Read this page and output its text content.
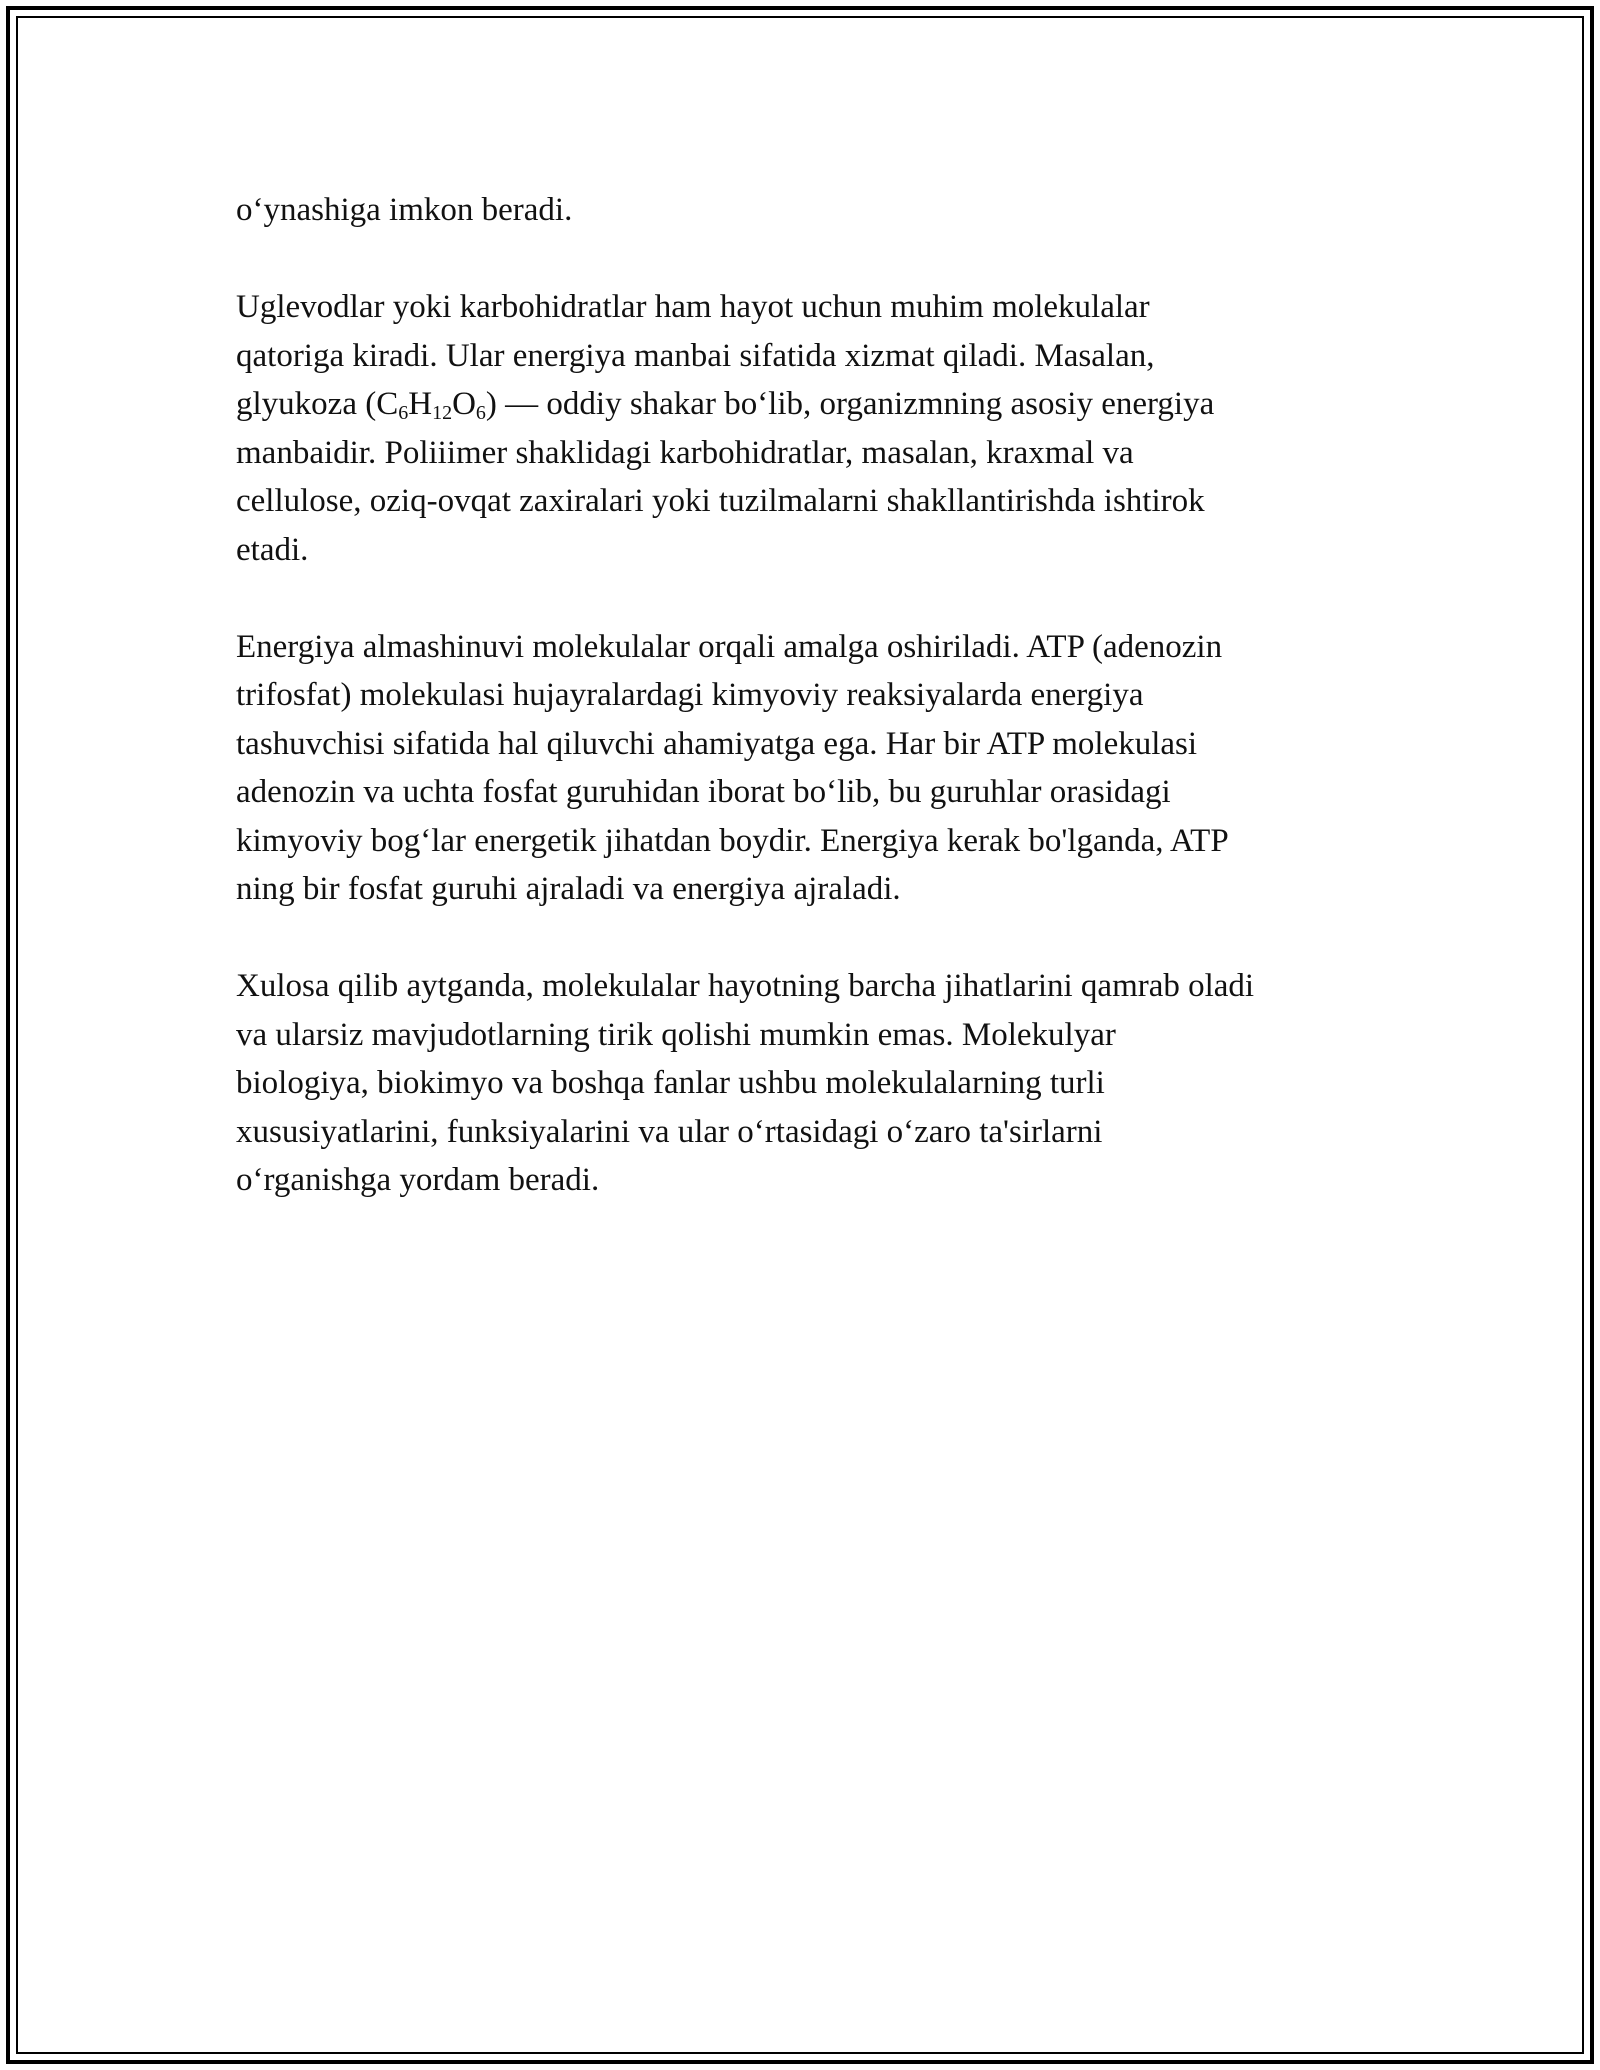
o‘ynashiga imkon beradi.

Uglevodlar yoki karbohidratlar ham hayot uchun muhim molekulalar
qatoriga kiradi. Ular energiya manbai sifatida xizmat qiladi. Masalan,
glyukoza $(C_6H_{12}O_6)$ — oddiy shakar bo‘lib, organizmning asosiy energiya
manbaidir. Poliiimer shaklidagi karbohidratlar, masalan, kraxmal va
cellulose, oziq-ovqat zaxiralari yoki tuzilmalarni shakllantirishda ishtirok
etadi.

Energiya almashinuvi molekulalar orqali amalga oshiriladi. ATP (adenozin
trifosfat) molekulasi hujayralardagi kimyoviy reaksiyalarda energiya
tashuvchisi sifatida hal qiluvchi ahamiyatga ega. Har bir ATP molekulasi
adenozin va uchta fosfat guruhidan iborat bo‘lib, bu guruhlar orasidagi
kimyoviy bog‘lar energetik jihatdan boydir. Energiya kerak bo'lganda, ATP
ning bir fosfat guruhi ajraladi va energiya ajraladi.

Xulosa qilib aytganda, molekulalar hayotning barcha jihatlarini qamrab oladi
va ularsiz mavjudotlarning tirik qolishi mumkin emas. Molekulyar
biologiya, biokimyo va boshqa fanlar ushbu molekulalarning turli
xususiyatlarini, funksiyalarini va ular o‘rtasidagi o‘zaro ta'sirlarni
o‘rganishga yordam beradi.
